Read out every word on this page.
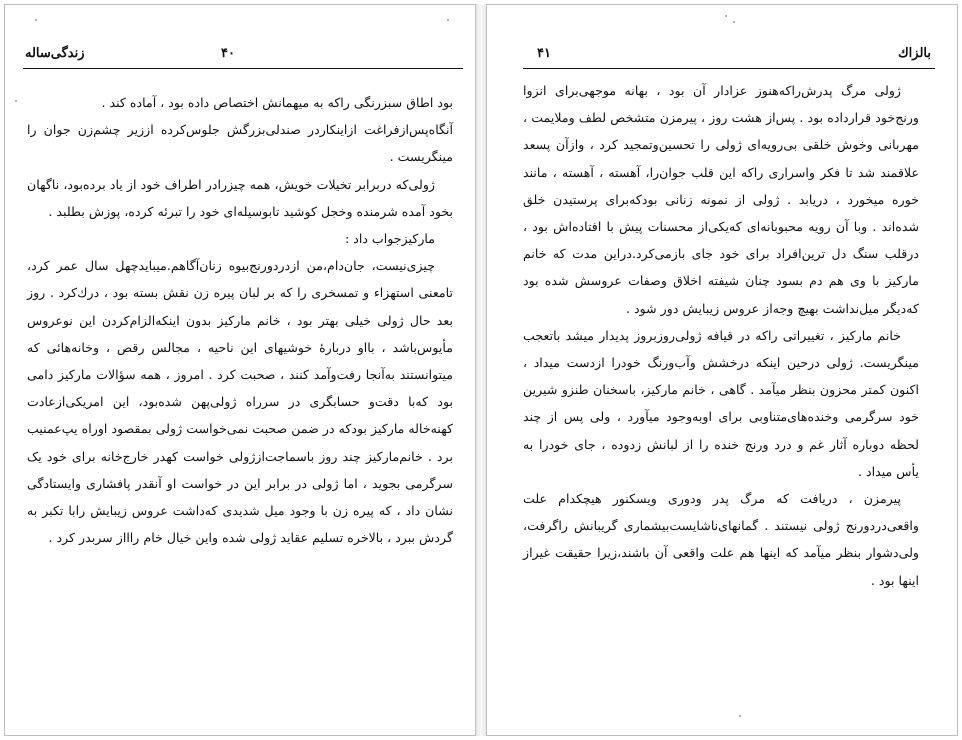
زندگی‌ساله	۴۰

بود اطاق سبزرنگی راکه به میهمانش اختصاص داده بود ، آماده کند .

آنگاه‌پس‌ازفراغت ازاینکاردر صندلی‌بزرگش جلوس‌کرده ازز‌یر چشم‌زن جوان را مینگریست .

ژولی‌که دربرابر تخیلات خویش، همه چیزرادر اطراف خود از یاد برده‌بود، ناگهان بخود آمده شرمنده وخجل کوشید تابوسیله‌ای خود را تبرئه کرده، پوزش بطلبد .

مارکیزجواب داد :

چیزی‌نیست، جان‌دام،من ازدردورنج‌بیوه زنان‌آگاهم.میبایدچهل سال عمر کرد، تامعنی استهزاء و تمسخری را که بر لبان پیره زن نقش بسته بود ، درك‌کرد . روز بعد حال ژولی خیلی بهتر بود ، خانم مارکیز بدون اینکه‌الزام‌کردن این نوعروس مأیوس‌باشد ، باا‌و دربارهٔ خوشیهای این ناحیه ، مجالس رقص ، وخانه‌هائی که میتوانستند به‌آنجا رفت‌وآمد کنند ، صحبت کرد . امروز ، همه سؤالات مارکیز دامی بود که‌با دقت‌و حسابگری در سرراه ژولی‌پهن شده‌بود، این امریکی‌ازعادت کهنه‌خاله مارکیز بودکه در ضمن صحبت نمی‌خواست ژولی بمقصود اوراه‌ یپ‌عمنیب برد . خانم‌مارکیز چند روز باسماجت‌ازژولی خواست کهدر خارج‌خانه برای خود یک سرگرمی بجوید ، اما ژولی در برابر این در خواست او آنقدر پافشاری وایستادگی نشان داد ، که پیره زن با وجود میل شدیدی که‌داشت عروس زیبایش رابا تکبر به گردش ببرد ، بالاخره تسلیم عقاید ژولی شده واین خیال خام راااز سربدر کرد .

۴۱	بالزاك

ژولی مرگ پدرش‌راکه‌هنوز عزادار آن بود ، بهانه موجهی‌برای انزوا ورنج‌خود قرارداده بود . پس‌از هشت روز ، پیرمزن متشخص لطف وملایمت ، مهربانی وخوش خلقی بی‌رو‌یه‌ای ژولی را تحسین‌وتمجید کرد ، وازآن پسعد علاقمند شد تا فکر واسراری راکه این قلب جوان‌را، آهسته ، آهسته ، مانند خوره میخورد ، دریابد . ژولی از نمونه زنانی بودکه‌برای پرستیدن خلق شده‌اند . وبا آن رویه محبوبانه‌ای که‌یکی‌از محسنات پیش با افتاده‌اش بود ، درقلب سنگ دل ترین‌افراد برای خود جای بازمی‌کرد.دراین مدت که خانم مارکیز با وی هم دم بسود چنان شیفته اخلاق وصفات عروسش شده بود که‌دیگر میل‌نداشت بهیچ وجه‌از عروس زیبایش دور شود .

خانم مارکیز ، تغییراتی راکه در قیافه ژولی‌روزبروز پدیدار میشد باتعجب مینگریست. ژولی درحین اینکه درخشش وآب‌ورنگ خودرا ازدست میداد ، اکنون کمتر محزون بنظر میآمد . گاهی ، خانم مارکیز، باسخنان طنزو شیرین خود سرگرمی وخنده‌های‌متناوبی برای او‌به‌وجود میآورد ، ولی پس از چند لحظه دوباره آثار غم و درد ورنج خنده را از لبانش زدوده ، جای خودرا به یأس میداد .

پیرمزن ، دریافت که مرگ پدر ودوری ویسکنور هیچکدام علت واقعی‌دردورنج ژولی نیستند . گمانهای‌ناشایست‌بیشماری گریبانش راگرفت، ولی‌دشوار بنظر میآمد که اینها هم علت واقعی آن باشند،زیرا حقیقت غیراز اینها بود .
